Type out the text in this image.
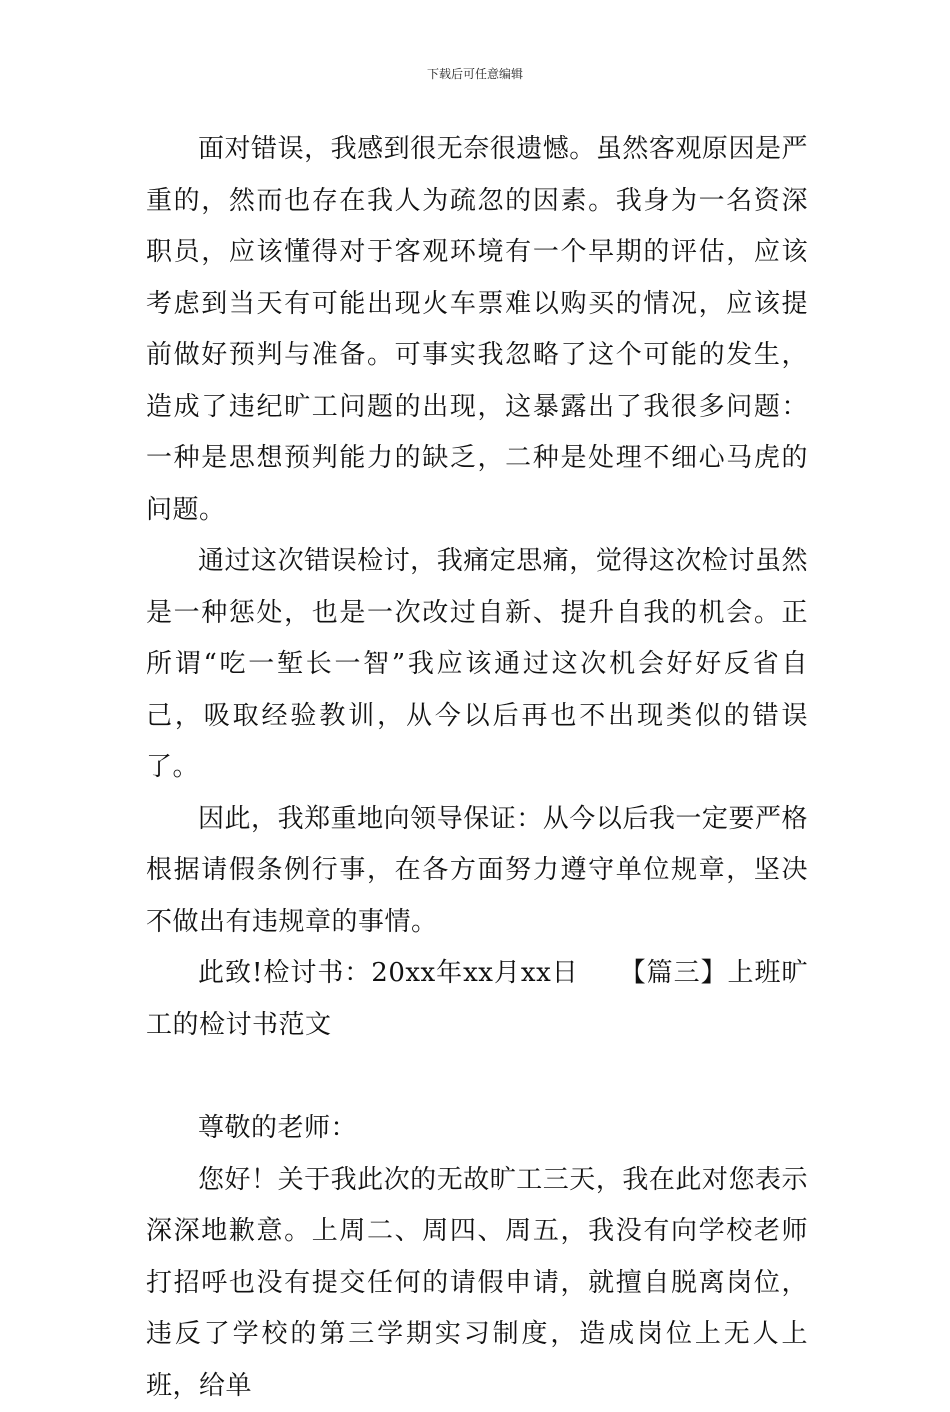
下载后可任意编辑

面对错误，我感到很无奈很遗憾。虽然客观原因是严重的，然而也存在我人为疏忽的因素。我身为一名资深职员，应该懂得对于客观环境有一个早期的评估，应该考虑到当天有可能出现火车票难以购买的情况，应该提前做好预判与准备。可事实我忽略了这个可能的发生，造成了违纪旷工问题的出现，这暴露出了我很多问题：一种是思想预判能力的缺乏，二种是处理不细心马虎的问题。

通过这次错误检讨，我痛定思痛，觉得这次检讨虽然是一种惩处，也是一次改过自新、提升自我的机会。正所谓“吃一堑长一智”我应该通过这次机会好好反省自己，吸取经验教训，从今以后再也不出现类似的错误了。

因此，我郑重地向领导保证：从今以后我一定要严格根据请假条例行事，在各方面努力遵守单位规章，坚决不做出有违规章的事情。

此致!检讨书：20xx年xx月xx日　　【篇三】上班旷工的检讨书范文

尊敬的老师：

您好！关于我此次的无故旷工三天，我在此对您表示深深地歉意。上周二、周四、周五，我没有向学校老师打招呼也没有提交任何的请假申请，就擅自脱离岗位，违反了学校的第三学期实习制度，造成岗位上无人上班，给单
